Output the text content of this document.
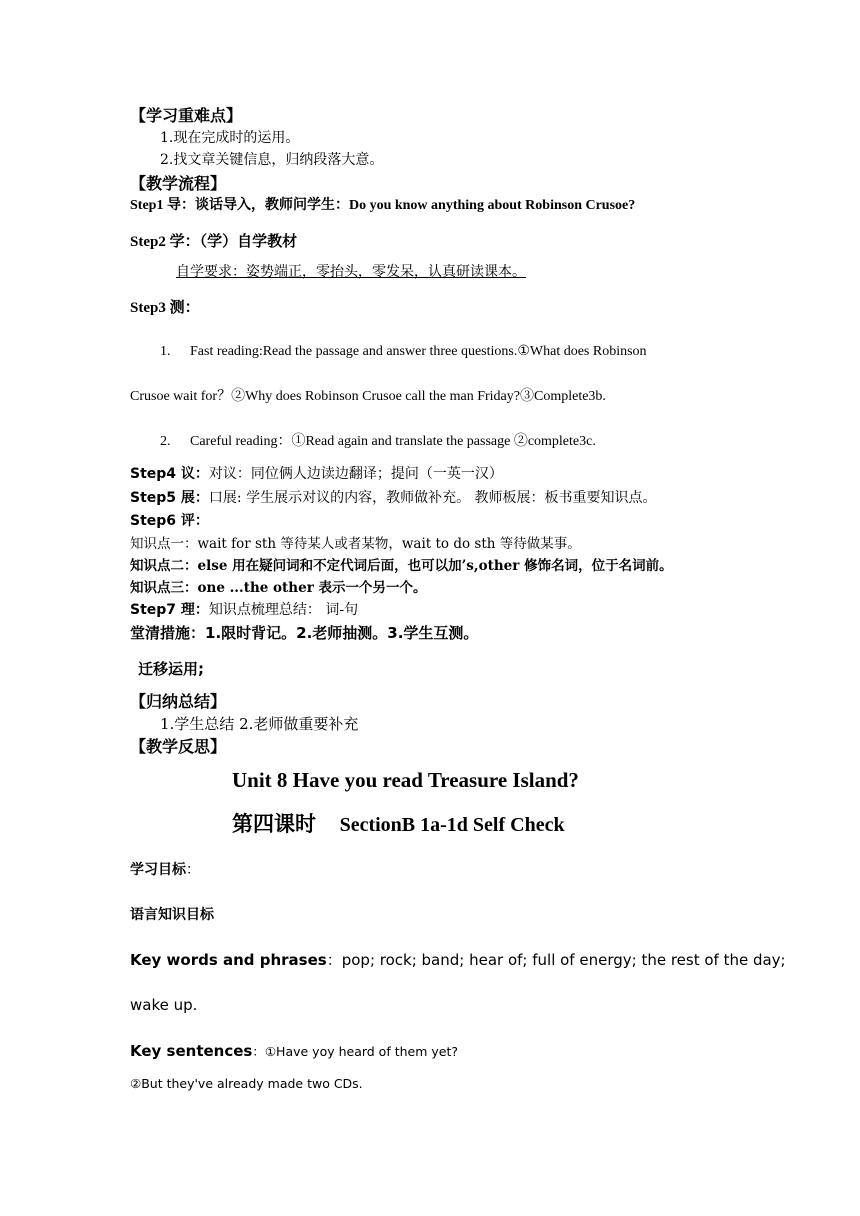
【学习重难点】
1.现在完成时的运用。
2.找文章关键信息，归纳段落大意。
【教学流程】
Step1 导：谈话导入，教师问学生：Do you know anything about Robinson Crusoe?
Step2 学：（学）自学教材
自学要求：姿势端正，零抬头，零发呆，认真研读课本。
Step3 测：
1. Fast reading:Read the passage and answer three questions.①What does Robinson
Crusoe wait for？②Why does Robinson Crusoe call the man Friday?③Complete3b.
2. Careful reading：①Read again and translate the passage ②complete3c.
Step4 议：对议：同位俩人边读边翻译；提问（一英一汉）
Step5 展：口展: 学生展示对议的内容，教师做补充。 教师板展：板书重要知识点。
Step6 评：
知识点一：wait for sth 等待某人或者某物，wait to do sth 等待做某事。
知识点二：else 用在疑问词和不定代词后面，也可以加’s,other 修饰名词，位于名词前。
知识点三：one ...the other 表示一个另一个。
Step7 理：知识点梳理总结： 词-句
堂清措施：1.限时背记。2.老师抽测。3.学生互测。
迁移运用;
【归纳总结】
1.学生总结 2.老师做重要补充
【教学反思】
Unit 8 Have you read Treasure Island?
第四课时 SectionB 1a-1d Self Check
学习目标：
语言知识目标
Key words and phrases：pop; rock; band; hear of; full of energy; the rest of the day;
wake up.
Key sentences：①Have yoy heard of them yet?
②But they've already made two CDs.
